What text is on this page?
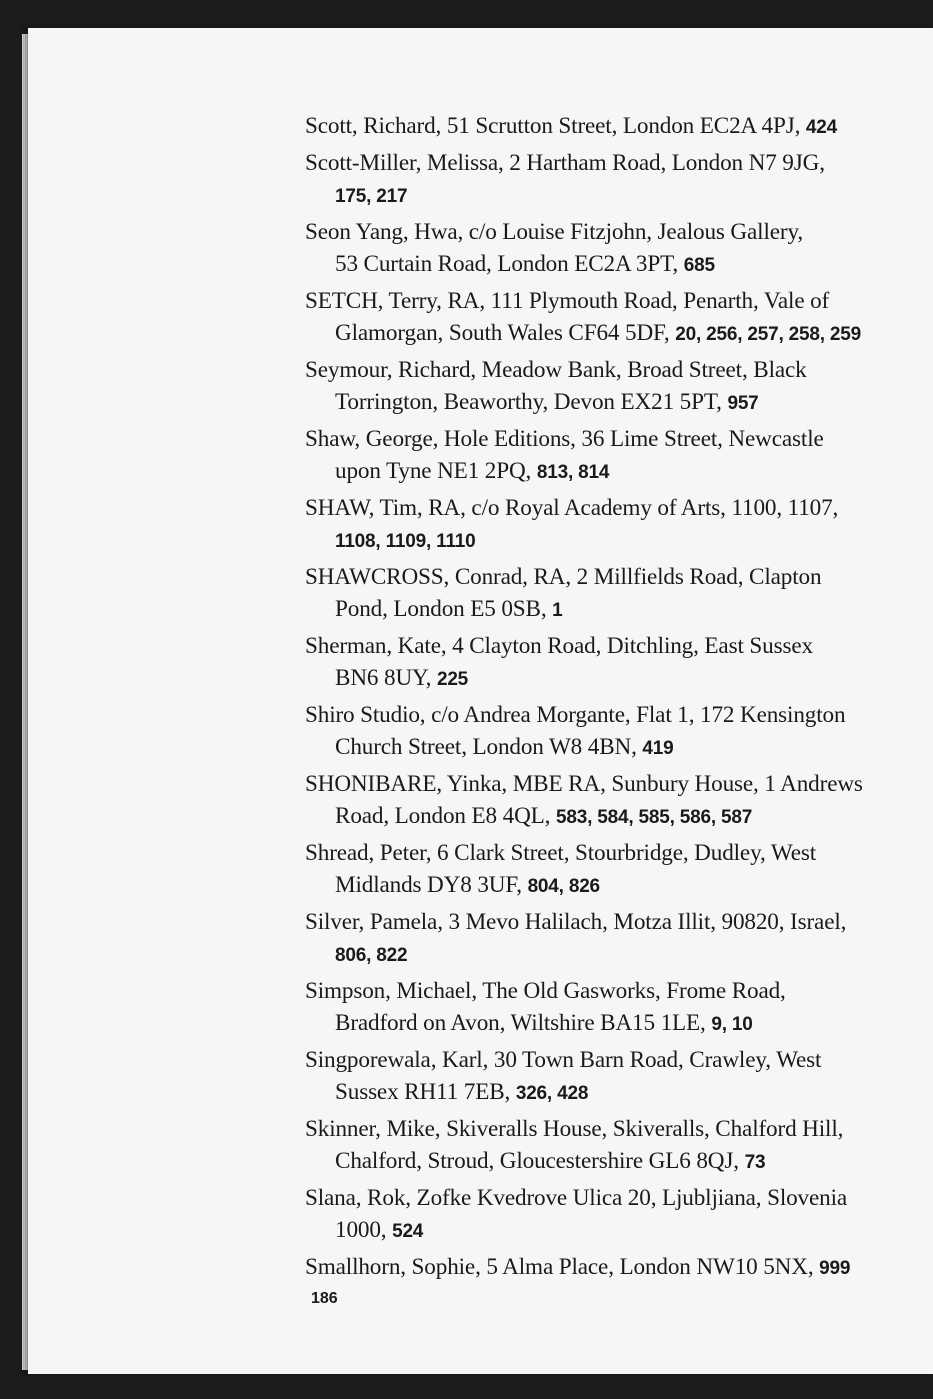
Scott, Richard, 51 Scrutton Street, London EC2A 4PJ, 424
Scott-Miller, Melissa, 2 Hartham Road, London N7 9JG,
175, 217
Seon Yang, Hwa, c/o Louise Fitzjohn, Jealous Gallery,
53 Curtain Road, London EC2A 3PT, 685
SETCH, Terry, RA, 111 Plymouth Road, Penarth, Vale of
Glamorgan, South Wales CF64 5DF, 20, 256, 257, 258, 259
Seymour, Richard, Meadow Bank, Broad Street, Black
Torrington, Beaworthy, Devon EX21 5PT, 957
Shaw, George, Hole Editions, 36 Lime Street, Newcastle
upon Tyne NE1 2PQ, 813, 814
SHAW, Tim, RA, c/o Royal Academy of Arts, 1100, 1107,
1108, 1109, 1110
SHAWCROSS, Conrad, RA, 2 Millfields Road, Clapton
Pond, London E5 0SB, 1
Sherman, Kate, 4 Clayton Road, Ditchling, East Sussex
BN6 8UY, 225
Shiro Studio, c/o Andrea Morgante, Flat 1, 172 Kensington
Church Street, London W8 4BN, 419
SHONIBARE, Yinka, MBE RA, Sunbury House, 1 Andrews
Road, London E8 4QL, 583, 584, 585, 586, 587
Shread, Peter, 6 Clark Street, Stourbridge, Dudley, West
Midlands DY8 3UF, 804, 826
Silver, Pamela, 3 Mevo Halilach, Motza Illit, 90820, Israel,
806, 822
Simpson, Michael, The Old Gasworks, Frome Road,
Bradford on Avon, Wiltshire BA15 1LE, 9, 10
Singporewala, Karl, 30 Town Barn Road, Crawley, West
Sussex RH11 7EB, 326, 428
Skinner, Mike, Skiveralls House, Skiveralls, Chalford Hill,
Chalford, Stroud, Gloucestershire GL6 8QJ, 73
Slana, Rok, Zofke Kvedrove Ulica 20, Ljubljiana, Slovenia
1000, 524
Smallhorn, Sophie, 5 Alma Place, London NW10 5NX, 999
186
